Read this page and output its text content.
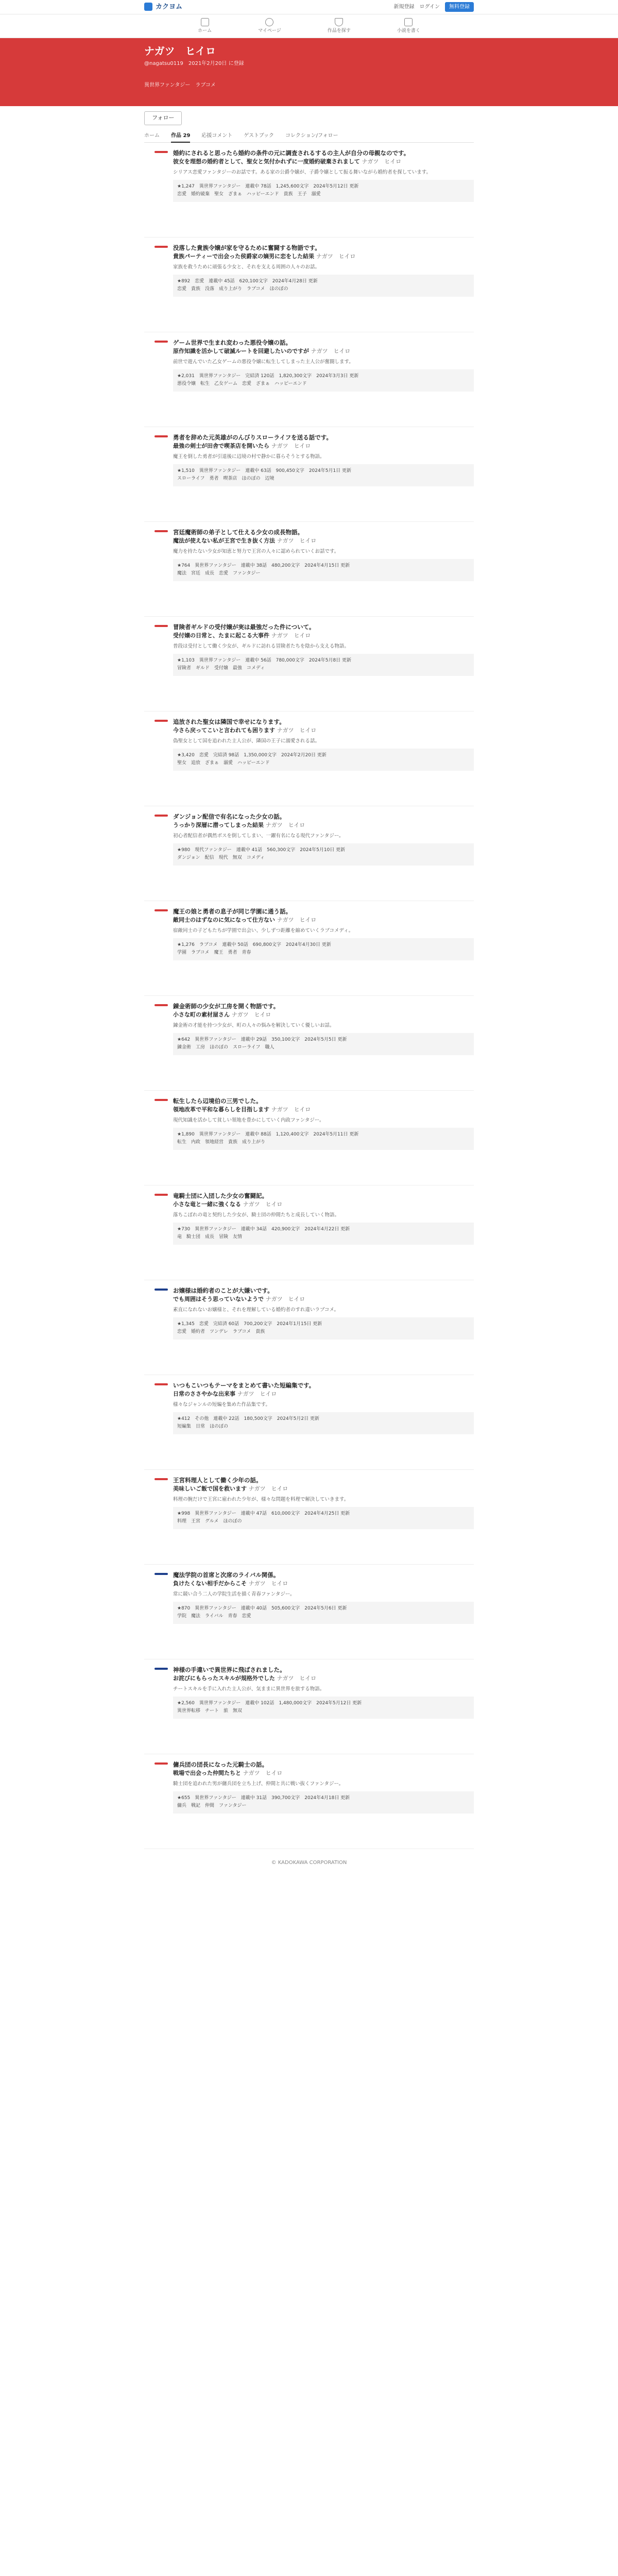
カクヨム	新規登録 ログイン	無料登録
ホーム	マイページ	作品を探す	小説を書く
ナガツ　ヒイロ
@nagatsu0119　2021年2月20日 に登録
異世界ファンタジー　ラブコメ
フォロー
ホーム 作品 29 応援コメント ゲストブック コレクション/フォロー
婚約にされると思ったら婚約の条件の元に調査されるするの主人が自分の母親なのです。
彼女を理想の婚約者として、聖女と気付かれずに一度婚約破棄されまして ナガツ　ヒイロ
シリアス恋愛ファンタジーのお話です。ある家の公爵令嬢が、子爵令嬢として振る舞いながら婚約者を探しています。
★1,247　異世界ファンタジー　連載中 78話　1,245,600文字　2024年5月12日 更新
恋愛　婚約破棄　聖女　ざまぁ　ハッピーエンド　貴族　王子　溺愛
没落した貴族令嬢が家を守るために奮闘する物語です。
貴族パーティーで出会った侯爵家の嫡男に恋をした結果 ナガツ　ヒイロ
家族を救うために頑張る少女と、それを支える周囲の人々のお話。
★892　恋愛　連載中 45話　620,100文字　2024年4月28日 更新
恋愛　貴族　没落　成り上がり　ラブコメ　ほのぼの
ゲーム世界で生まれ変わった悪役令嬢の話。
原作知識を活かして破滅ルートを回避したいのですが ナガツ　ヒイロ
前世で遊んでいた乙女ゲームの悪役令嬢に転生してしまった主人公が奮闘します。
★2,031　異世界ファンタジー　完結済 120話　1,820,300文字　2024年3月3日 更新
悪役令嬢　転生　乙女ゲーム　恋愛　ざまぁ　ハッピーエンド
勇者を辞めた元英雄がのんびりスローライフを送る話です。
最強の剣士が田舎で喫茶店を開いたら ナガツ　ヒイロ
魔王を倒した勇者が引退後に辺境の村で静かに暮らそうとする物語。
★1,510　異世界ファンタジー　連載中 63話　900,450文字　2024年5月1日 更新
スローライフ　勇者　喫茶店　ほのぼの　辺境
宮廷魔術師の弟子として仕える少女の成長物語。
魔法が使えない私が王宮で生き抜く方法 ナガツ　ヒイロ
魔力を持たない少女が知恵と努力で王宮の人々に認められていくお話です。
★764　異世界ファンタジー　連載中 38話　480,200文字　2024年4月15日 更新
魔法　宮廷　成長　恋愛　ファンタジー
冒険者ギルドの受付嬢が実は最強だった件について。
受付嬢の日常と、たまに起こる大事件 ナガツ　ヒイロ
普段は受付として働く少女が、ギルドに訪れる冒険者たちを陰から支える物語。
★1,103　異世界ファンタジー　連載中 56話　780,000文字　2024年5月8日 更新
冒険者　ギルド　受付嬢　最強　コメディ
追放された聖女は隣国で幸せになります。
今さら戻ってこいと言われても困ります ナガツ　ヒイロ
偽聖女として国を追われた主人公が、隣国の王子に溺愛される話。
★3,420　恋愛　完結済 98話　1,350,000文字　2024年2月20日 更新
聖女　追放　ざまぁ　溺愛　ハッピーエンド
ダンジョン配信で有名になった少女の話。
うっかり深層に潜ってしまった結果 ナガツ　ヒイロ
初心者配信者が偶然ボスを倒してしまい、一躍有名になる現代ファンタジー。
★980　現代ファンタジー　連載中 41話　560,300文字　2024年5月10日 更新
ダンジョン　配信　現代　無双　コメディ
魔王の娘と勇者の息子が同じ学園に通う話。
敵同士のはずなのに気になって仕方ない ナガツ　ヒイロ
宿敵同士の子どもたちが学園で出会い、少しずつ距離を縮めていくラブコメディ。
★1,276　ラブコメ　連載中 50話　690,800文字　2024年4月30日 更新
学園　ラブコメ　魔王　勇者　青春
錬金術師の少女が工房を開く物語です。
小さな町の素材屋さん ナガツ　ヒイロ
錬金術の才能を持つ少女が、町の人々の悩みを解決していく優しいお話。
★642　異世界ファンタジー　連載中 29話　350,100文字　2024年5月5日 更新
錬金術　工房　ほのぼの　スローライフ　職人
転生したら辺境伯の三男でした。
領地改革で平和な暮らしを目指します ナガツ　ヒイロ
現代知識を活かして貧しい領地を豊かにしていく内政ファンタジー。
★1,890　異世界ファンタジー　連載中 88話　1,120,400文字　2024年5月11日 更新
転生　内政　領地経営　貴族　成り上がり
竜騎士団に入団した少女の奮闘記。
小さな竜と一緒に強くなる ナガツ　ヒイロ
落ちこぼれの竜と契約した少女が、騎士団の仲間たちと成長していく物語。
★730　異世界ファンタジー　連載中 34話　420,900文字　2024年4月22日 更新
竜　騎士団　成長　冒険　友情
お嬢様は婚約者のことが大嫌いです。
でも周囲はそう思っていないようで ナガツ　ヒイロ
素直になれないお嬢様と、それを理解している婚約者のすれ違いラブコメ。
★1,345　恋愛　完結済 60話　700,200文字　2024年1月15日 更新
恋愛　婚約者　ツンデレ　ラブコメ　貴族
いつもこいつもテーマをまとめて書いた短編集です。
日常のささやかな出来事 ナガツ　ヒイロ
様々なジャンルの短編を集めた作品集です。
★412　その他　連載中 22話　180,500文字　2024年5月2日 更新
短編集　日常　ほのぼの
王宮料理人として働く少年の話。
美味しいご飯で国を救います ナガツ　ヒイロ
料理の腕だけで王宮に雇われた少年が、様々な問題を料理で解決していきます。
★998　異世界ファンタジー　連載中 47話　610,000文字　2024年4月25日 更新
料理　王宮　グルメ　ほのぼの
魔法学院の首席と次席のライバル関係。
負けたくない相手だからこそ ナガツ　ヒイロ
常に競い合う二人の学院生活を描く青春ファンタジー。
★870　異世界ファンタジー　連載中 40話　505,600文字　2024年5月6日 更新
学院　魔法　ライバル　青春　恋愛
神様の手違いで異世界に飛ばされました。
お詫びにもらったスキルが規格外でした ナガツ　ヒイロ
チートスキルを手に入れた主人公が、気ままに異世界を旅する物語。
★2,560　異世界ファンタジー　連載中 102話　1,480,000文字　2024年5月12日 更新
異世界転移　チート　旅　無双
傭兵団の団長になった元騎士の話。
戦場で出会った仲間たちと ナガツ　ヒイロ
騎士団を追われた男が傭兵団を立ち上げ、仲間と共に戦い抜くファンタジー。
★655　異世界ファンタジー　連載中 31話　390,700文字　2024年4月18日 更新
傭兵　戦記　仲間　ファンタジー
© KADOKAWA CORPORATION
